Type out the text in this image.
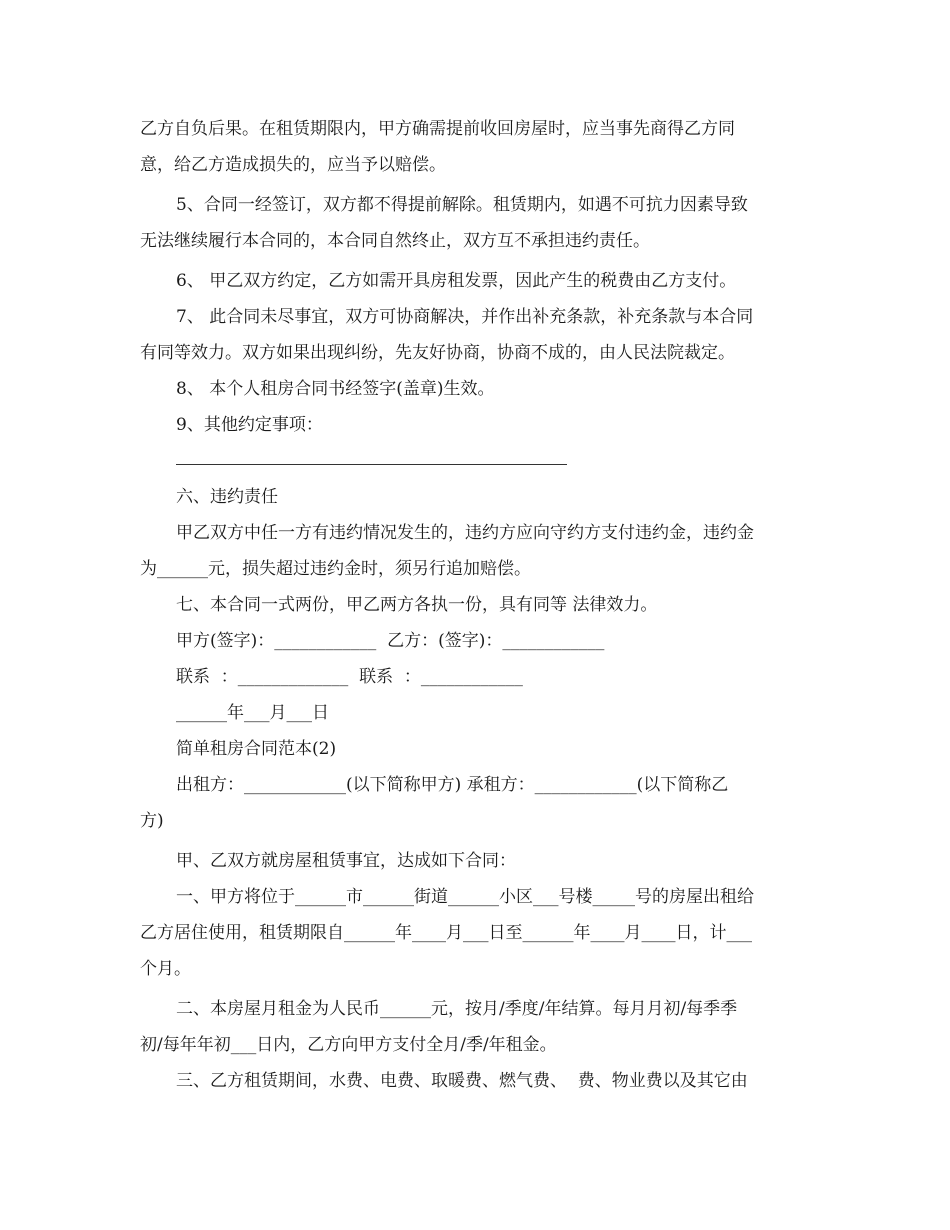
乙方自负后果。在租赁期限内，甲方确需提前收回房屋时，应当事先商得乙方同
意，给乙方造成损失的，应当予以赔偿。
5、合同一经签订，双方都不得提前解除。租赁期内，如遇不可抗力因素导致
无法继续履行本合同的，本合同自然终止，双方互不承担违约责任。
6、 甲乙双方约定，乙方如需开具房租发票，因此产生的税费由乙方支付。
7、 此合同未尽事宜，双方可协商解决，并作出补充条款，补充条款与本合同
有同等效力。双方如果出现纠纷，先友好协商，协商不成的，由人民法院裁定。
8、 本个人租房合同书经签字(盖章)生效。
9、其他约定事项：
六、违约责任
甲乙双方中任一方有违约情况发生的，违约方应向守约方支付违约金，违约金
为______元，损失超过违约金时，须另行追加赔偿。
七、本合同一式两份，甲乙两方各执一份，具有同等 法律效力。
甲方(签字)：____________  乙方：(签字)：____________
联系  ：_____________  联系  ：____________
______年___月___日
简单租房合同范本(2)
出租方：____________(以下简称甲方) 承租方：____________(以下简称乙
方)
甲、乙双方就房屋租赁事宜，达成如下合同：
一、甲方将位于______市______街道______小区___号楼_____号的房屋出租给
乙方居住使用，租赁期限自______年____月___日至______年____月____日，计___
个月。
二、本房屋月租金为人民币______元，按月/季度/年结算。每月月初/每季季
初/每年年初___日内，乙方向甲方支付全月/季/年租金。
三、乙方租赁期间，水费、电费、取暖费、燃气费、  费、物业费以及其它由
